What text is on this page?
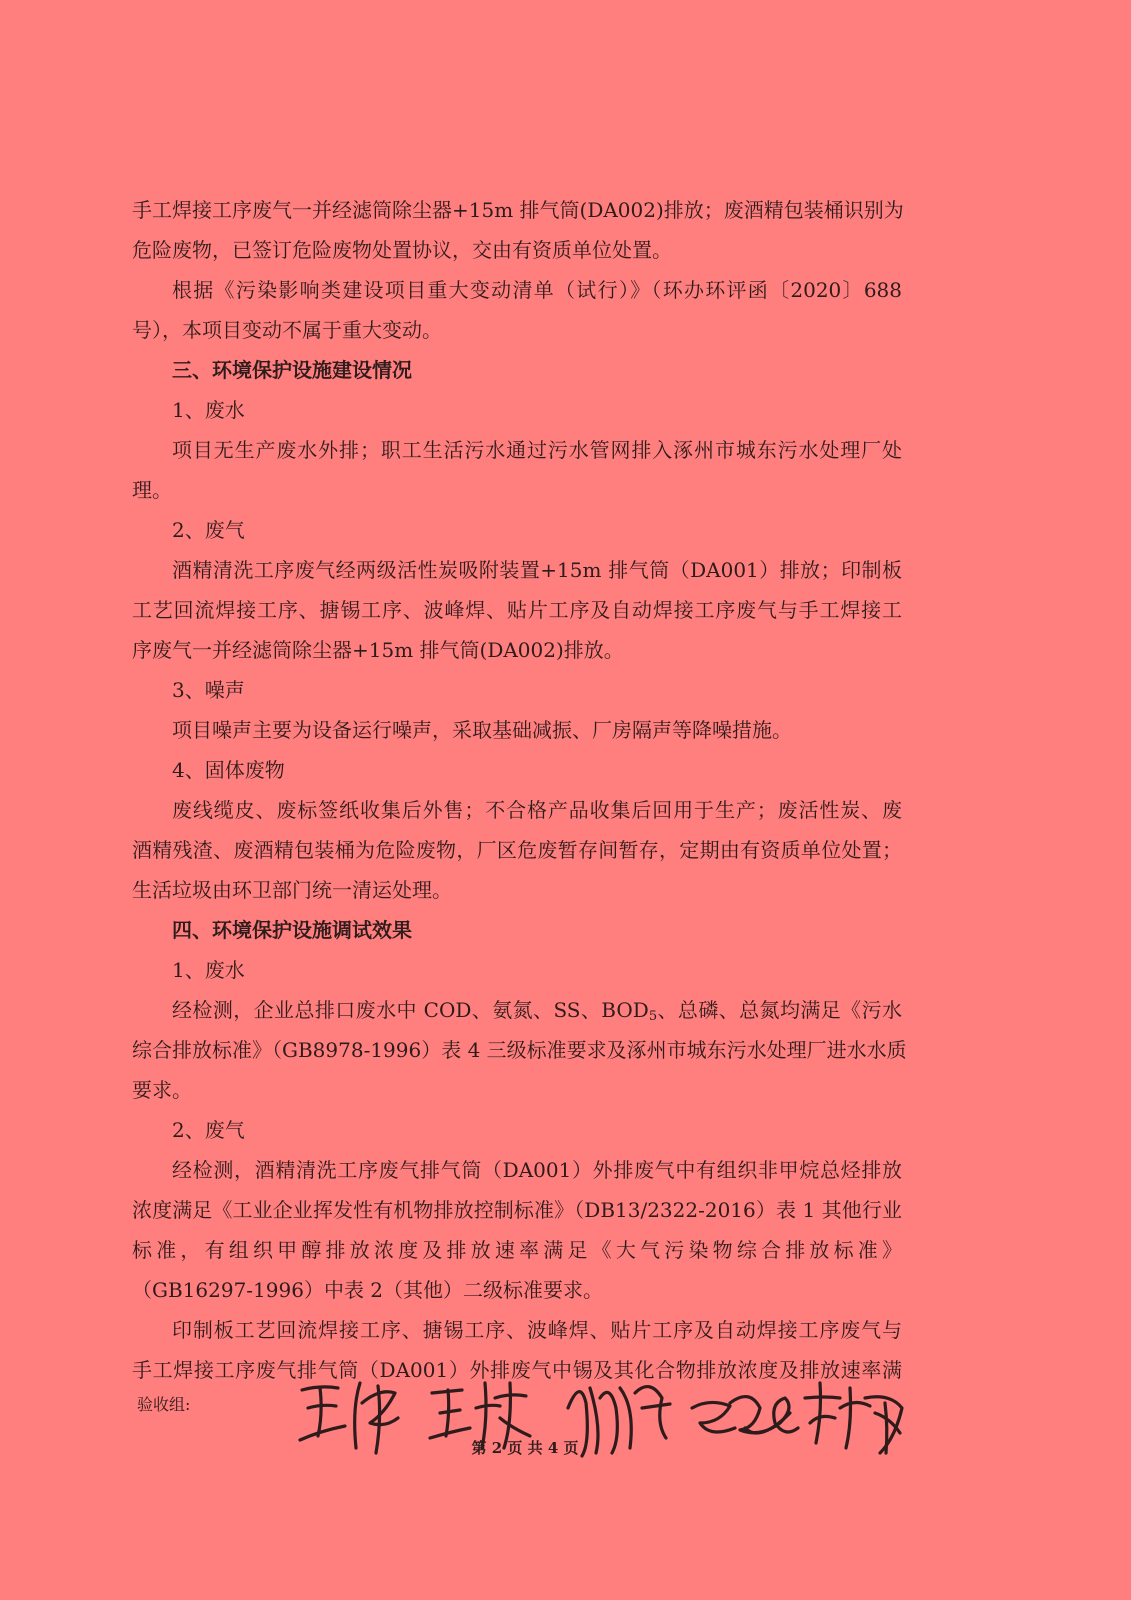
手工焊接工序废气一并经滤筒除尘器+15m 排气筒(DA002)排放；废酒精包装桶识别为
危险废物，已签订危险废物处置协议，交由有资质单位处置。
根据《污染影响类建设项目重大变动清单（试行）》（环办环评函〔2020〕688
号），本项目变动不属于重大变动。
三、环境保护设施建设情况
1、废水
项目无生产废水外排；职工生活污水通过污水管网排入涿州市城东污水处理厂处
理。
2、废气
酒精清洗工序废气经两级活性炭吸附装置+15m 排气筒（DA001）排放；印制板
工艺回流焊接工序、搪锡工序、波峰焊、贴片工序及自动焊接工序废气与手工焊接工
序废气一并经滤筒除尘器+15m 排气筒(DA002)排放。
3、噪声
项目噪声主要为设备运行噪声，采取基础减振、厂房隔声等降噪措施。
4、固体废物
废线缆皮、废标签纸收集后外售；不合格产品收集后回用于生产；废活性炭、废
酒精残渣、废酒精包装桶为危险废物，厂区危废暂存间暂存，定期由有资质单位处置；
生活垃圾由环卫部门统一清运处理。
四、环境保护设施调试效果
1、废水
经检测，企业总排口废水中 COD、氨氮、SS、$BOD_5$、总磷、总氮均满足《污水
综合排放标准》（GB8978-1996）表 4 三级标准要求及涿州市城东污水处理厂进水水质
要求。
2、废气
经检测，酒精清洗工序废气排气筒（DA001）外排废气中有组织非甲烷总烃排放
浓度满足《工业企业挥发性有机物排放控制标准》（DB13/2322-2016）表 1 其他行业
标准，有组织甲醇排放浓度及排放速率满足《大气污染物综合排放标准》
（GB16297-1996）中表 2（其他）二级标准要求。
印制板工艺回流焊接工序、搪锡工序、波峰焊、贴片工序及自动焊接工序废气与
手工焊接工序废气排气筒（DA001）外排废气中锡及其化合物排放浓度及排放速率满
验收组:
第 2 页 共 4 页
